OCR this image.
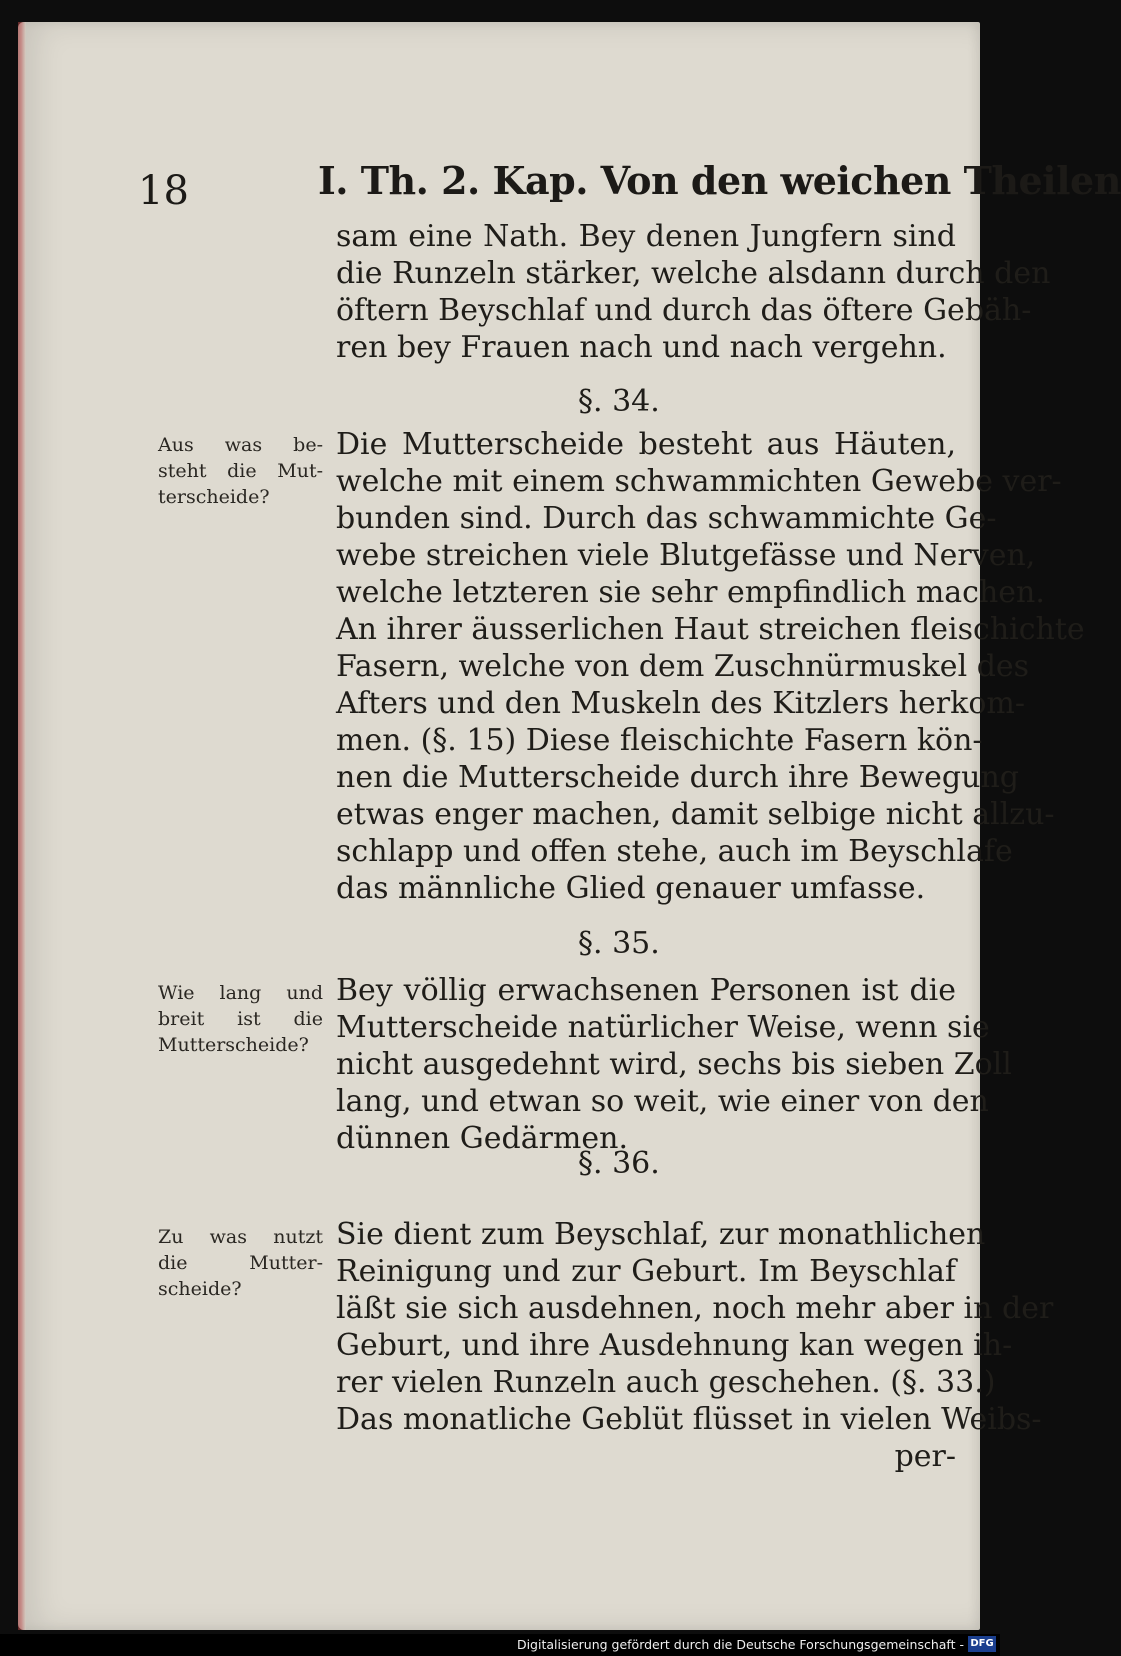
18	I. Th. 2. Kap. Von den weichen Theilen
sam eine Nath. Bey denen Jungfern sind
die Runzeln stärker, welche alsdann durch den
öftern Beyschlaf und durch das öftere Gebäh-
ren bey Frauen nach und nach vergehn.
§. 34.
Aus was be-
steht die Mut-
terscheide?
Die Mutterscheide besteht aus Häuten,
welche mit einem schwammichten Gewebe ver-
bunden sind. Durch das schwammichte Ge-
webe streichen viele Blutgefässe und Nerven,
welche letzteren sie sehr empfindlich machen.
An ihrer äusserlichen Haut streichen fleischichte
Fasern, welche von dem Zuschnürmuskel des
Afters und den Muskeln des Kitzlers herkom-
men. (§. 15) Diese fleischichte Fasern kön-
nen die Mutterscheide durch ihre Bewegung
etwas enger machen, damit selbige nicht allzu-
schlapp und offen stehe, auch im Beyschlafe
das männliche Glied genauer umfasse.
§. 35.
Wie lang und
breit ist die
Mutterscheide?
Bey völlig erwachsenen Personen ist die
Mutterscheide natürlicher Weise, wenn sie
nicht ausgedehnt wird, sechs bis sieben Zoll
lang, und etwan so weit, wie einer von den
dünnen Gedärmen.
§. 36.
Zu was nutzt
die Mutter-
scheide?
Sie dient zum Beyschlaf, zur monathlichen
Reinigung und zur Geburt. Im Beyschlaf
läßt sie sich ausdehnen, noch mehr aber in der
Geburt, und ihre Ausdehnung kan wegen ih-
rer vielen Runzeln auch geschehen. (§. 33.)
Das monatliche Geblüt flüsset in vielen Weibs-
per-
Digitalisierung gefördert durch die Deutsche Forschungsgemeinschaft - DFG
